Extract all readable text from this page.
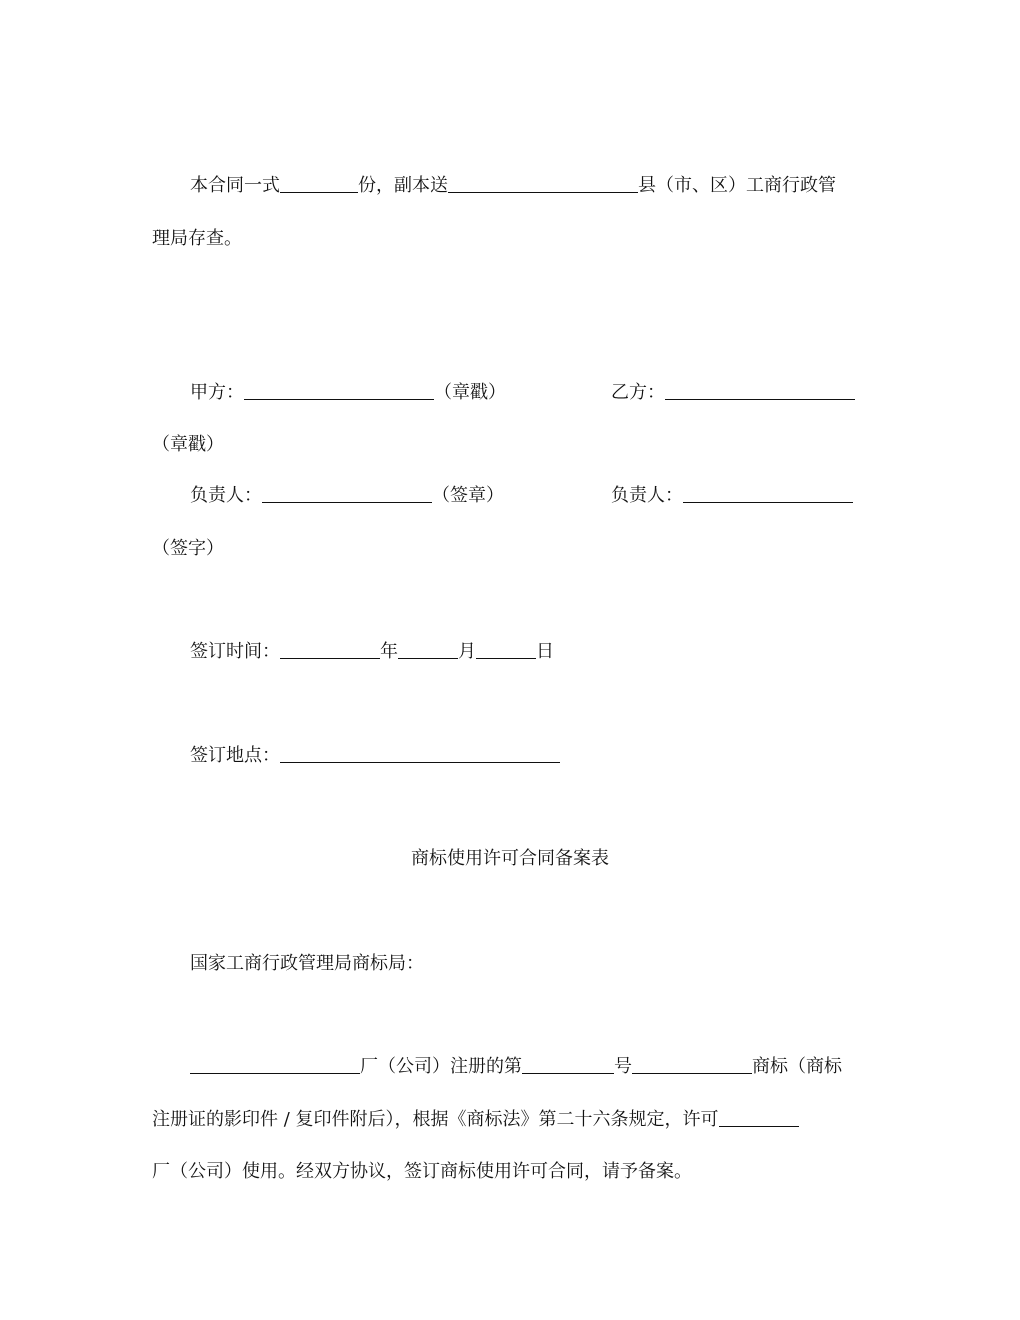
本合同一式	份，副本送	县（市、区）工商行政管
理局存查。
甲方：	（章戳）	乙方：
（章戳）
负责人：	（签章）	负责人：
（签字）
签订时间：	年	月	日
签订地点：
商标使用许可合同备案表
国家工商行政管理局商标局：
厂（公司）注册的第	号	商标（商标
注册证的影印件 / 复印件附后），根据《商标法》第二十六条规定，许可
厂（公司）使用。经双方协议，签订商标使用许可合同，请予备案。
